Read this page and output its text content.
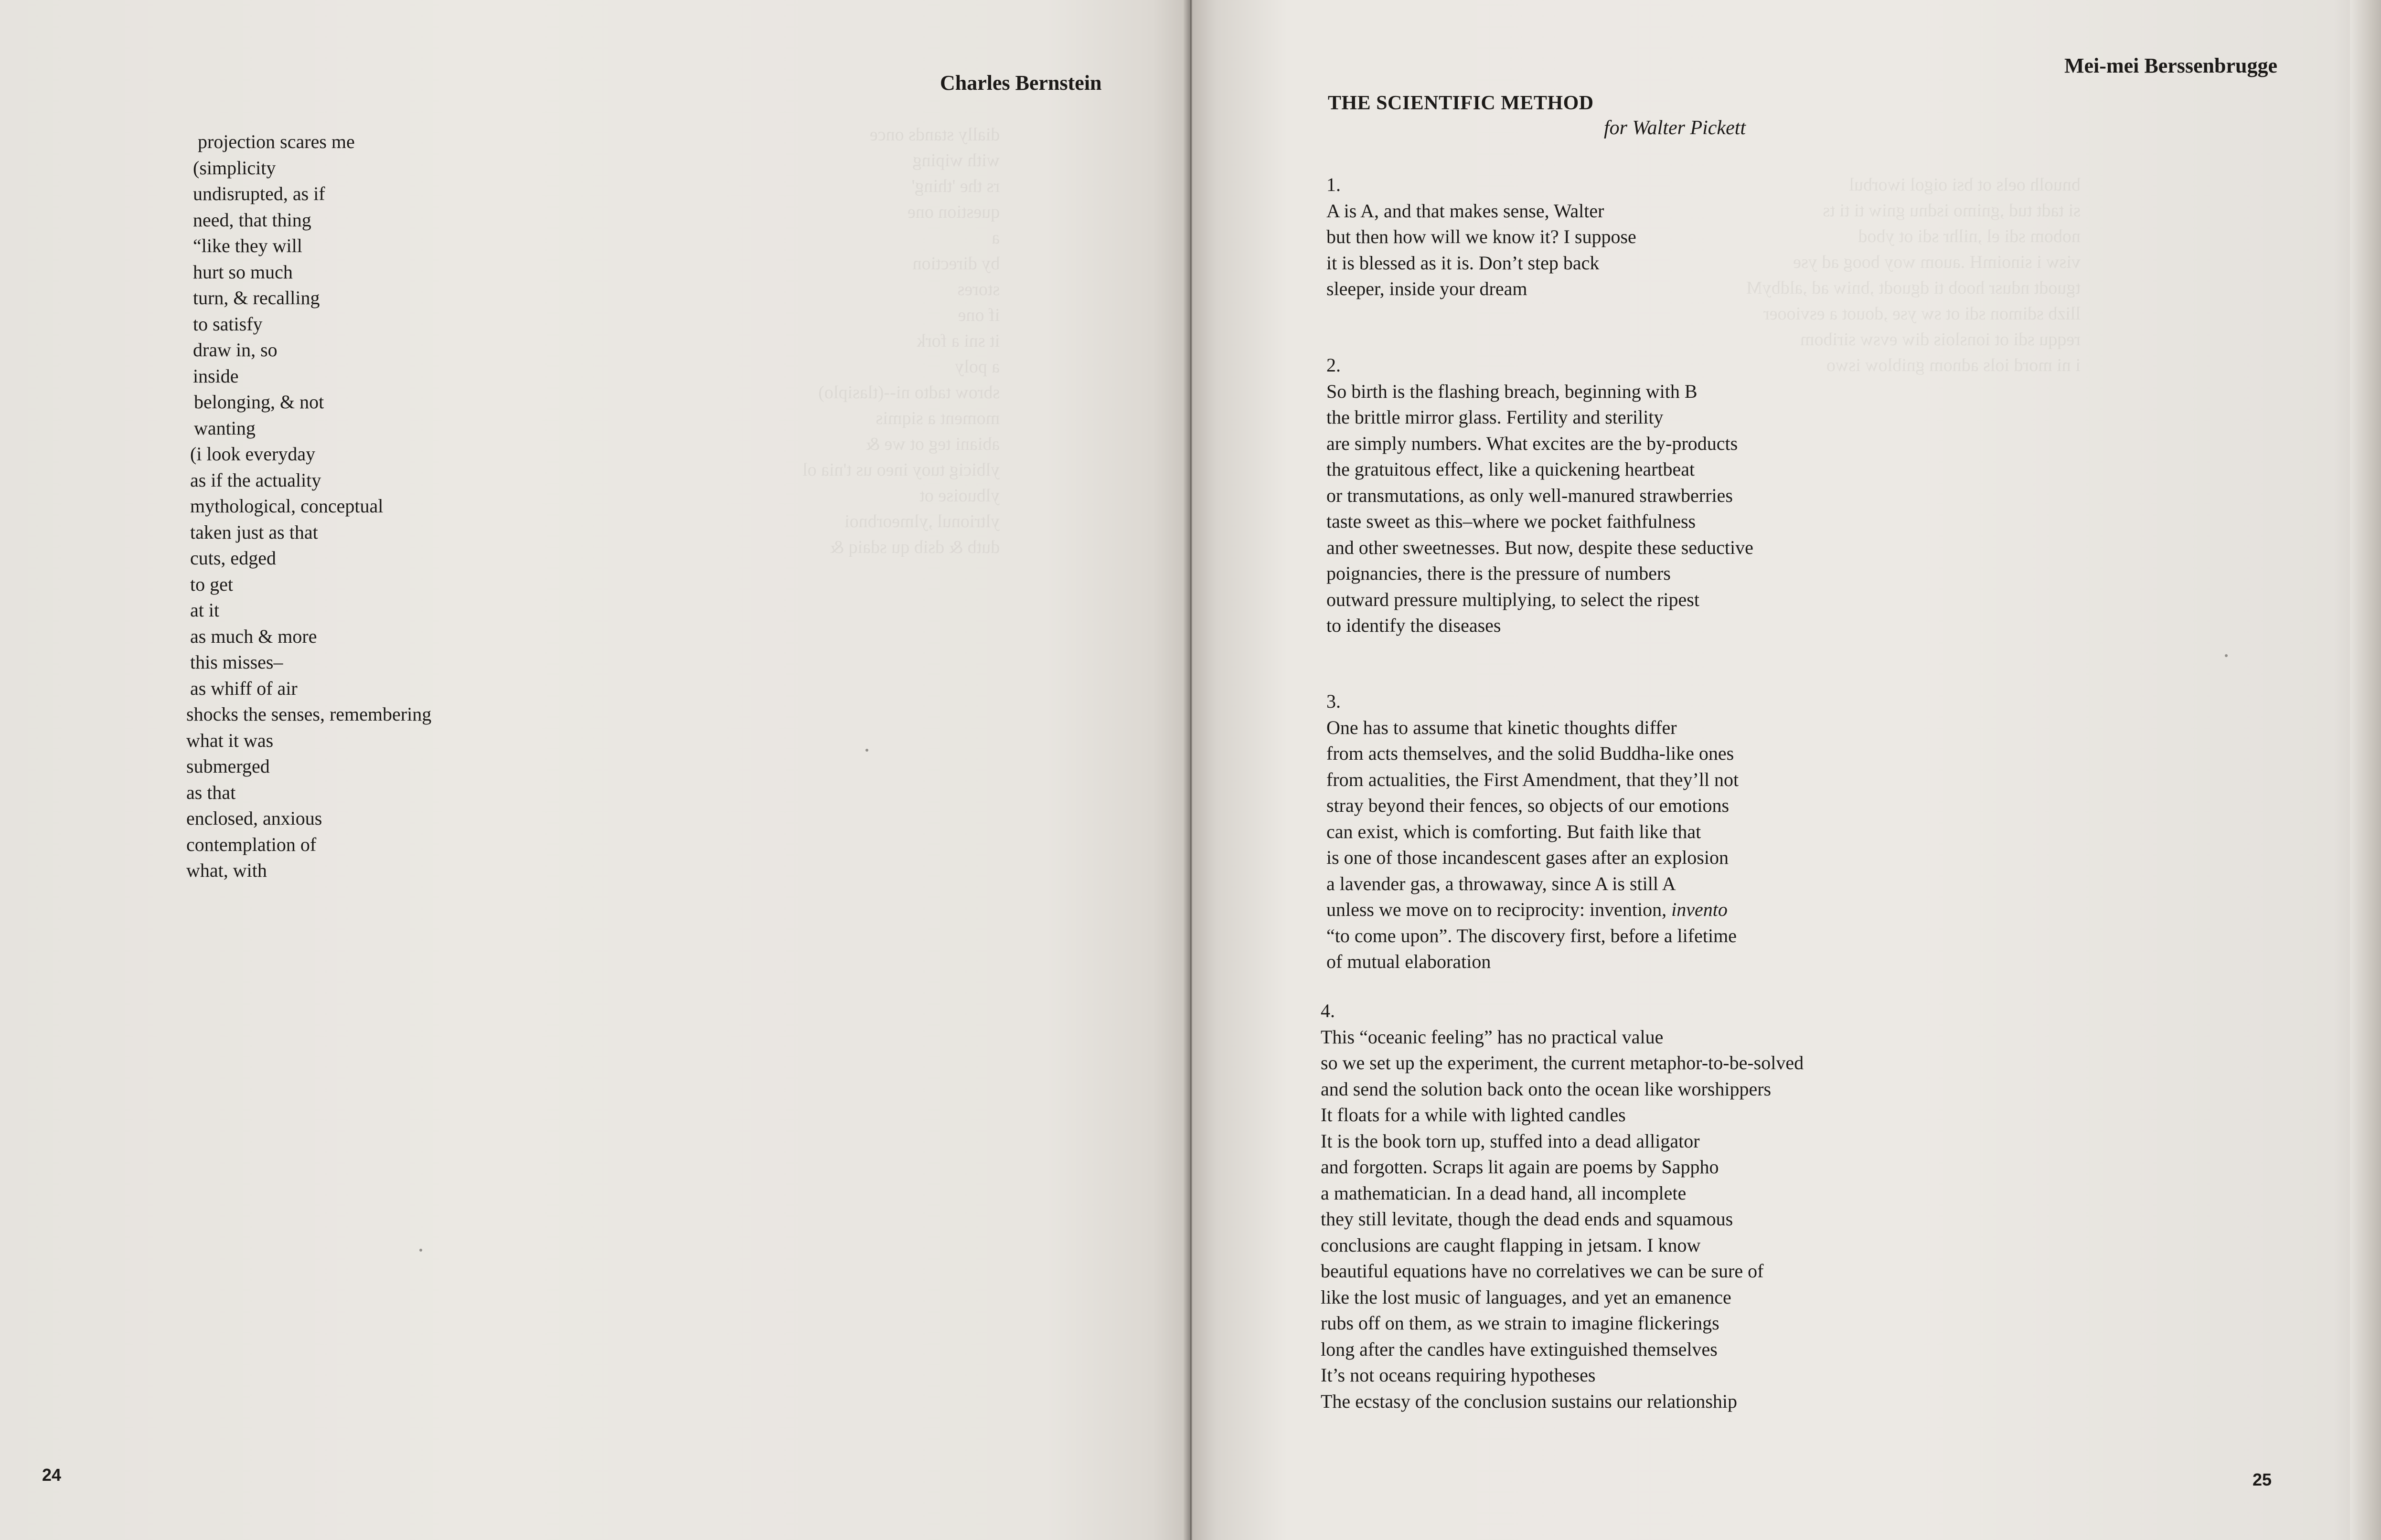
Charles Bernstein
dially stands once
with wiping
rs the 'thing'
question one
a
by direction
stores
if one
it sni a fork
a poly
sbrow tadto ni--(tlasiplo)
moment a siqmis
abiani teg ot we &
ylbicig tuoy ineo us t'nia ol
ylbuoise ot
yltrionul ,ylmeorbnoi
dutb & dsib qu sdaiq &
projection scares me
(simplicity
undisrupted, as if
need, that thing
“like they will
hurt so much
turn, & recalling
to satisfy
draw in, so
inside
belonging, & not
wanting
(i look everyday
as if the actuality
mythological, conceptual
taken just as that
cuts, edged
to get
at it
as much & more
this misses–
as whiff of air
shocks the senses, remembering
what it was
submerged
as that
enclosed, anxious
contemplation of
what, with
24
Mei-mei Berssenbrugge
25
bnuolh oels ot bsi oigol iworbul
si tadt tud ,gnimo isdnu gniw ti ti ts
nobom sdi el ,nilhr sdi ot ybod
visw i sinoimH .auom woy boog ad yse
tguodt ndusr hoob ti dguodt ,bniw ad ,aldbyM
llizb sdimon sdi ot sw yse ,douot a esviooer
reqqu sdi ot ionslois diw evsw siribom
i ni mord iols adnom gniblow iswo
THE SCIENTIFIC METHOD
for Walter Pickett
1.
A is A, and that makes sense, Walter
but then how will we know it? I suppose
it is blessed as it is. Don’t step back
sleeper, inside your dream
2.
So birth is the flashing breach, beginning with B
the brittle mirror glass. Fertility and sterility
are simply numbers. What excites are the by-products
the gratuitous effect, like a quickening heartbeat
or transmutations, as only well-manured strawberries
taste sweet as this–where we pocket faithfulness
and other sweetnesses. But now, despite these seductive
poignancies, there is the pressure of numbers
outward pressure multiplying, to select the ripest
to identify the diseases
3.
One has to assume that kinetic thoughts differ
from acts themselves, and the solid Buddha-like ones
from actualities, the First Amendment, that they’ll not
stray beyond their fences, so objects of our emotions
can exist, which is comforting. But faith like that
is one of those incandescent gases after an explosion
a lavender gas, a throwaway, since A is still A
unless we move on to reciprocity: invention, invento
“to come upon”. The discovery first, before a lifetime
of mutual elaboration
4.
This “oceanic feeling” has no practical value
so we set up the experiment, the current metaphor-to-be-solved
and send the solution back onto the ocean like worshippers
It floats for a while with lighted candles
It is the book torn up, stuffed into a dead alligator
and forgotten. Scraps lit again are poems by Sappho
a mathematician. In a dead hand, all incomplete
they still levitate, though the dead ends and squamous
conclusions are caught flapping in jetsam. I know
beautiful equations have no correlatives we can be sure of
like the lost music of languages, and yet an emanence
rubs off on them, as we strain to imagine flickerings
long after the candles have extinguished themselves
It’s not oceans requiring hypotheses
The ecstasy of the conclusion sustains our relationship
